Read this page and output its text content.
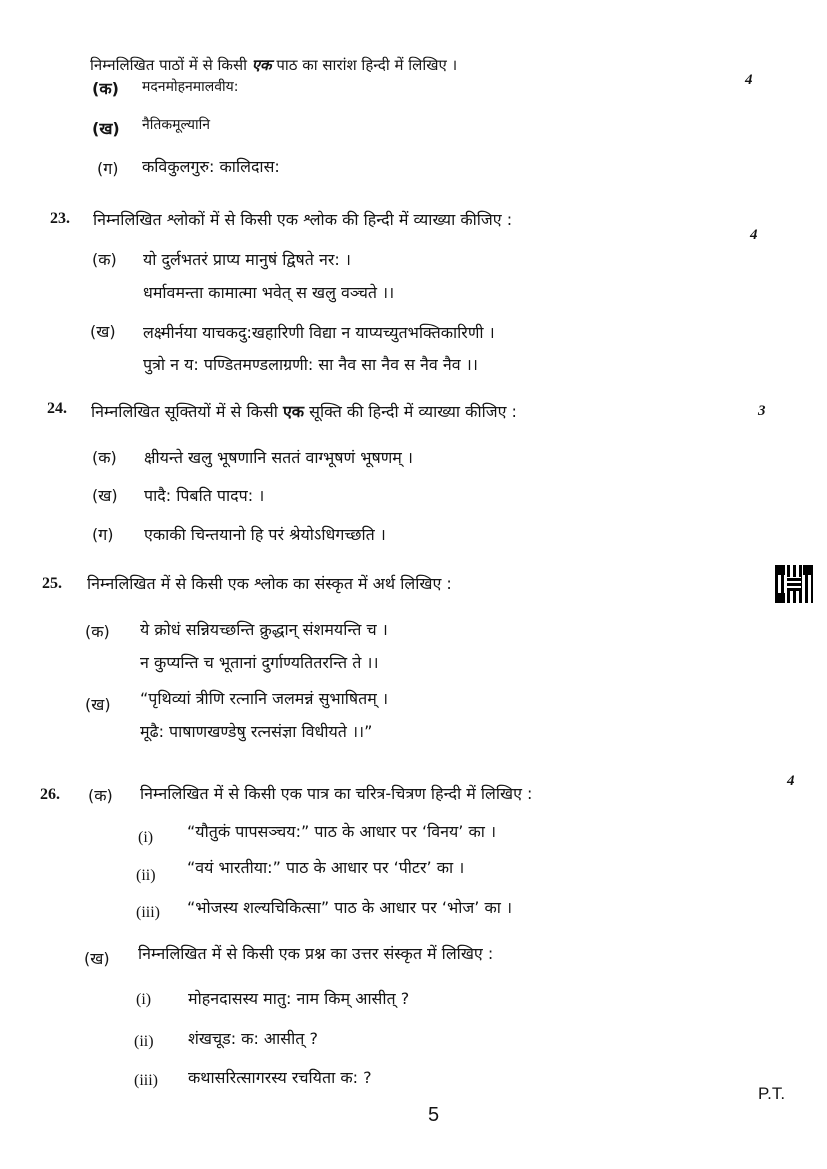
निम्नलिखित पाठों में से किसी एक पाठ का सारांश हिन्दी में लिखिए ।
4
(क) मदनमोहनमालवीय:
(ख) नैतिकमूल्यानि
(ग) कविकुलगुरु: कालिदास:
23. निम्नलिखित श्लोकों में से किसी एक श्लोक की हिन्दी में व्याख्या कीजिए :
4
(क) यो दुर्लभतरं प्राप्य मानुषं द्विषते नर: ।
धर्मावमन्ता कामात्मा भवेत् स खलु वञ्चते ।।
(ख) लक्ष्मीर्नया याचकदु:खहारिणी विद्या न याप्यच्युतभक्तिकारिणी ।
पुत्रो न य: पण्डितमण्डलाग्रणी: सा नैव सा नैव स नैव नैव ।।
24. निम्नलिखित सूक्तियों में से किसी एक सूक्ति की हिन्दी में व्याख्या कीजिए :	3
(क) क्षीयन्ते खलु भूषणानि सततं वाग्भूषणं भूषणम् ।
(ख) पादै: पिबति पादप: ।
(ग) एकाकी चिन्तयानो हि परं श्रेयोऽधिगच्छति ।
25. निम्नलिखित में से किसी एक श्लोक का संस्कृत में अर्थ लिखिए :
(क) ये क्रोधं सन्नियच्छन्ति क्रुद्धान् संशमयन्ति च ।
न कुप्यन्ति च भूतानां दुर्गाण्यतितरन्ति ते ।।
(ख) “पृथिव्यां त्रीणि रत्नानि जलमन्नं सुभाषितम् ।
मूढै: पाषाणखण्डेषु रत्नसंज्ञा विधीयते ।।”
26. (क) निम्नलिखित में से किसी एक पात्र का चरित्र-चित्रण हिन्दी में लिखिए :
4
(i) “यौतुकं पापसञ्चय:” पाठ के आधार पर ‘विनय’ का ।
(ii) “वयं भारतीया:” पाठ के आधार पर ‘पीटर’ का ।
(iii) “भोजस्य शल्यचिकित्सा” पाठ के आधार पर ‘भोज’ का ।
(ख) निम्नलिखित में से किसी एक प्रश्न का उत्तर संस्कृत में लिखिए :
(i) मोहनदासस्य मातु: नाम किम् आसीत् ?
(ii) शंखचूड: क: आसीत् ?
(iii) कथासरित्सागरस्य रचयिता क: ?
P.T.
5
